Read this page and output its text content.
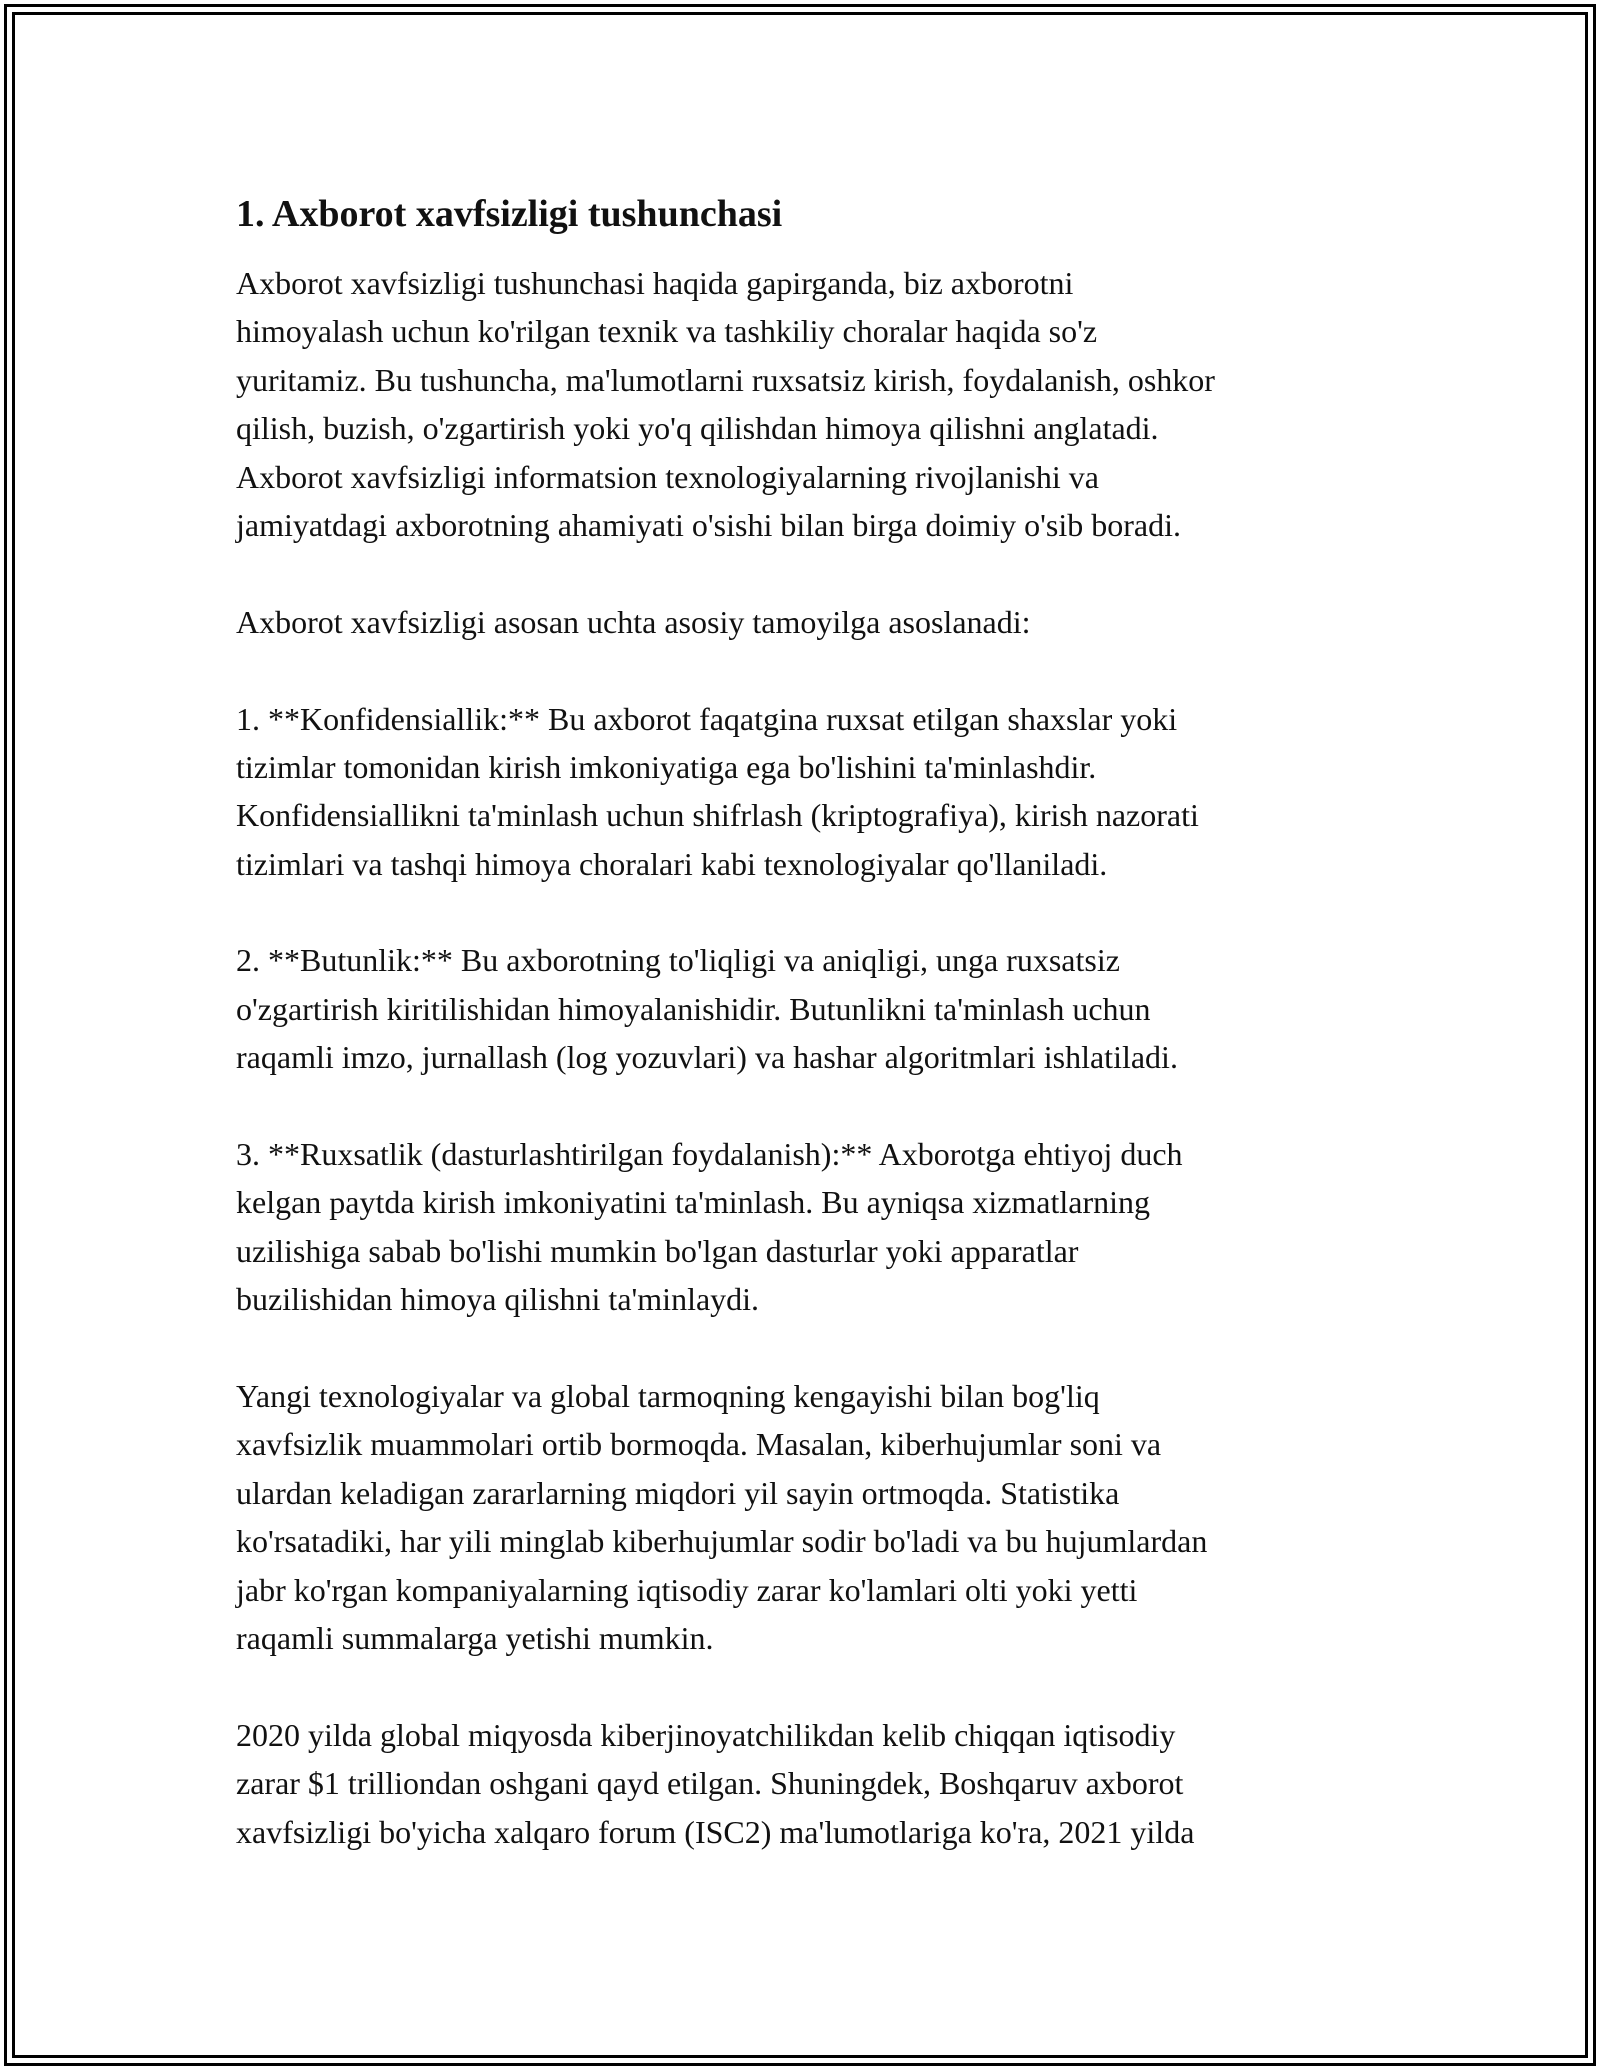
1. Axborot xavfsizligi tushunchasi
Axborot xavfsizligi tushunchasi haqida gapirganda, biz axborotni
himoyalash uchun ko'rilgan texnik va tashkiliy choralar haqida so'z
yuritamiz. Bu tushuncha, ma'lumotlarni ruxsatsiz kirish, foydalanish, oshkor
qilish, buzish, o'zgartirish yoki yo'q qilishdan himoya qilishni anglatadi.
Axborot xavfsizligi informatsion texnologiyalarning rivojlanishi va
jamiyatdagi axborotning ahamiyati o'sishi bilan birga doimiy o'sib boradi.
Axborot xavfsizligi asosan uchta asosiy tamoyilga asoslanadi:
1. **Konfidensiallik:** Bu axborot faqatgina ruxsat etilgan shaxslar yoki
tizimlar tomonidan kirish imkoniyatiga ega bo'lishini ta'minlashdir.
Konfidensiallikni ta'minlash uchun shifrlash (kriptografiya), kirish nazorati
tizimlari va tashqi himoya choralari kabi texnologiyalar qo'llaniladi.
2. **Butunlik:** Bu axborotning to'liqligi va aniqligi, unga ruxsatsiz
o'zgartirish kiritilishidan himoyalanishidir. Butunlikni ta'minlash uchun
raqamli imzo, jurnallash (log yozuvlari) va hashar algoritmlari ishlatiladi.
3. **Ruxsatlik (dasturlashtirilgan foydalanish):** Axborotga ehtiyoj duch
kelgan paytda kirish imkoniyatini ta'minlash. Bu ayniqsa xizmatlarning
uzilishiga sabab bo'lishi mumkin bo'lgan dasturlar yoki apparatlar
buzilishidan himoya qilishni ta'minlaydi.
Yangi texnologiyalar va global tarmoqning kengayishi bilan bog'liq
xavfsizlik muammolari ortib bormoqda. Masalan, kiberhujumlar soni va
ulardan keladigan zararlarning miqdori yil sayin ortmoqda. Statistika
ko'rsatadiki, har yili minglab kiberhujumlar sodir bo'ladi va bu hujumlardan
jabr ko'rgan kompaniyalarning iqtisodiy zarar ko'lamlari olti yoki yetti
raqamli summalarga yetishi mumkin.
2020 yilda global miqyosda kiberjinoyatchilikdan kelib chiqqan iqtisodiy
zarar $1 trilliondan oshgani qayd etilgan. Shuningdek, Boshqaruv axborot
xavfsizligi bo'yicha xalqaro forum (ISC2) ma'lumotlariga ko'ra, 2021 yilda
